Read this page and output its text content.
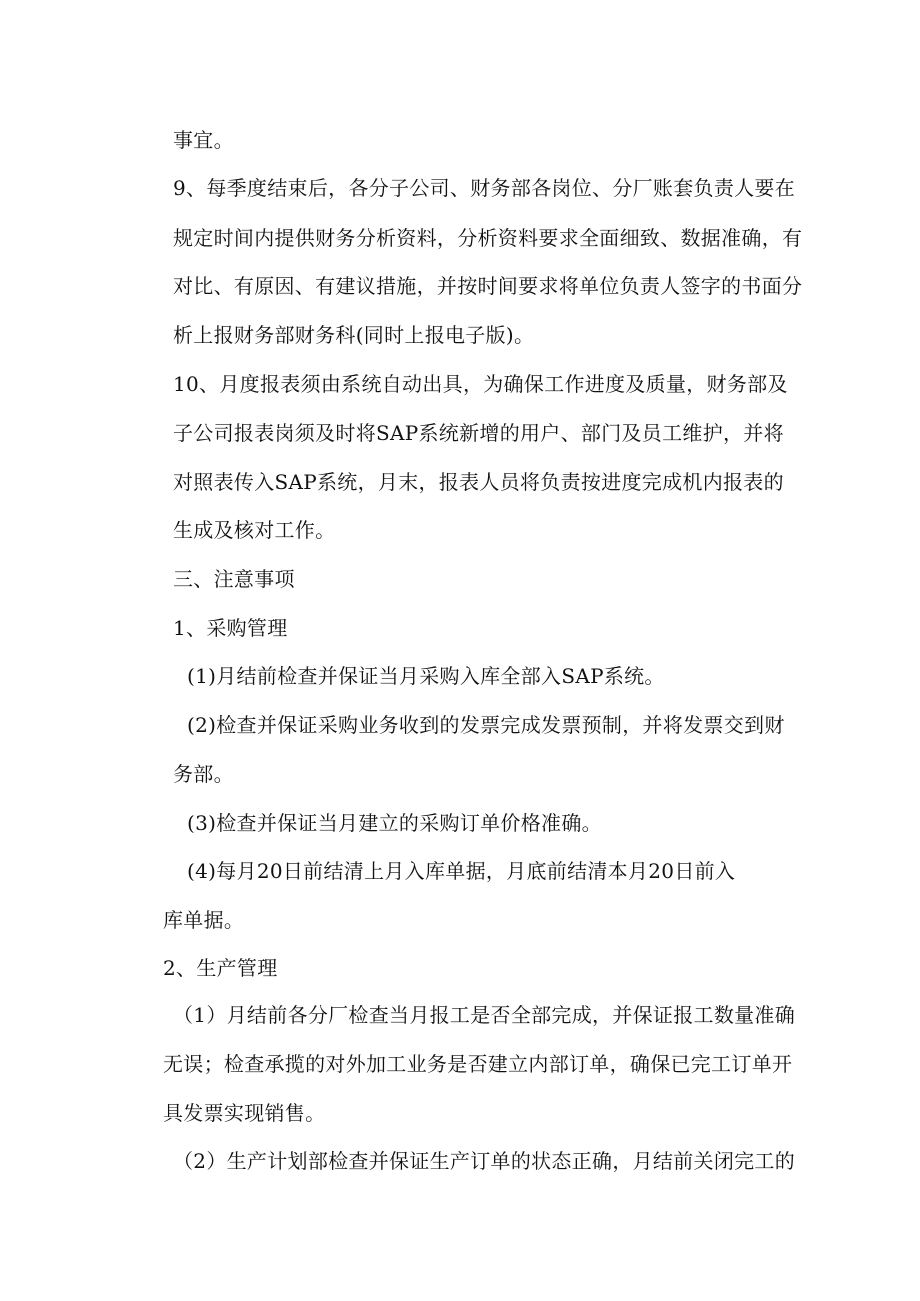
事宜。
9、每季度结束后，各分子公司、财务部各岗位、分厂账套负责人要在
规定时间内提供财务分析资料，分析资料要求全面细致、数据准确，有
对比、有原因、有建议措施，并按时间要求将单位负责人签字的书面分
析上报财务部财务科(同时上报电子版)。
10、月度报表须由系统自动出具，为确保工作进度及质量，财务部及
子公司报表岗须及时将SAP系统新增的用户、部门及员工维护，并将
对照表传入SAP系统，月末，报表人员将负责按进度完成机内报表的
生成及核对工作。
三、注意事项
1、采购管理
(1)月结前检查并保证当月采购入库全部入SAP系统。
(2)检查并保证采购业务收到的发票完成发票预制，并将发票交到财
务部。
(3)检查并保证当月建立的采购订单价格准确。
(4)每月20日前结清上月入库单据，月底前结清本月20日前入
库单据。
2、生产管理
（1）月结前各分厂检查当月报工是否全部完成，并保证报工数量准确
无误；检查承揽的对外加工业务是否建立内部订单，确保已完工订单开
具发票实现销售。
（2）生产计划部检查并保证生产订单的状态正确，月结前关闭完工的
